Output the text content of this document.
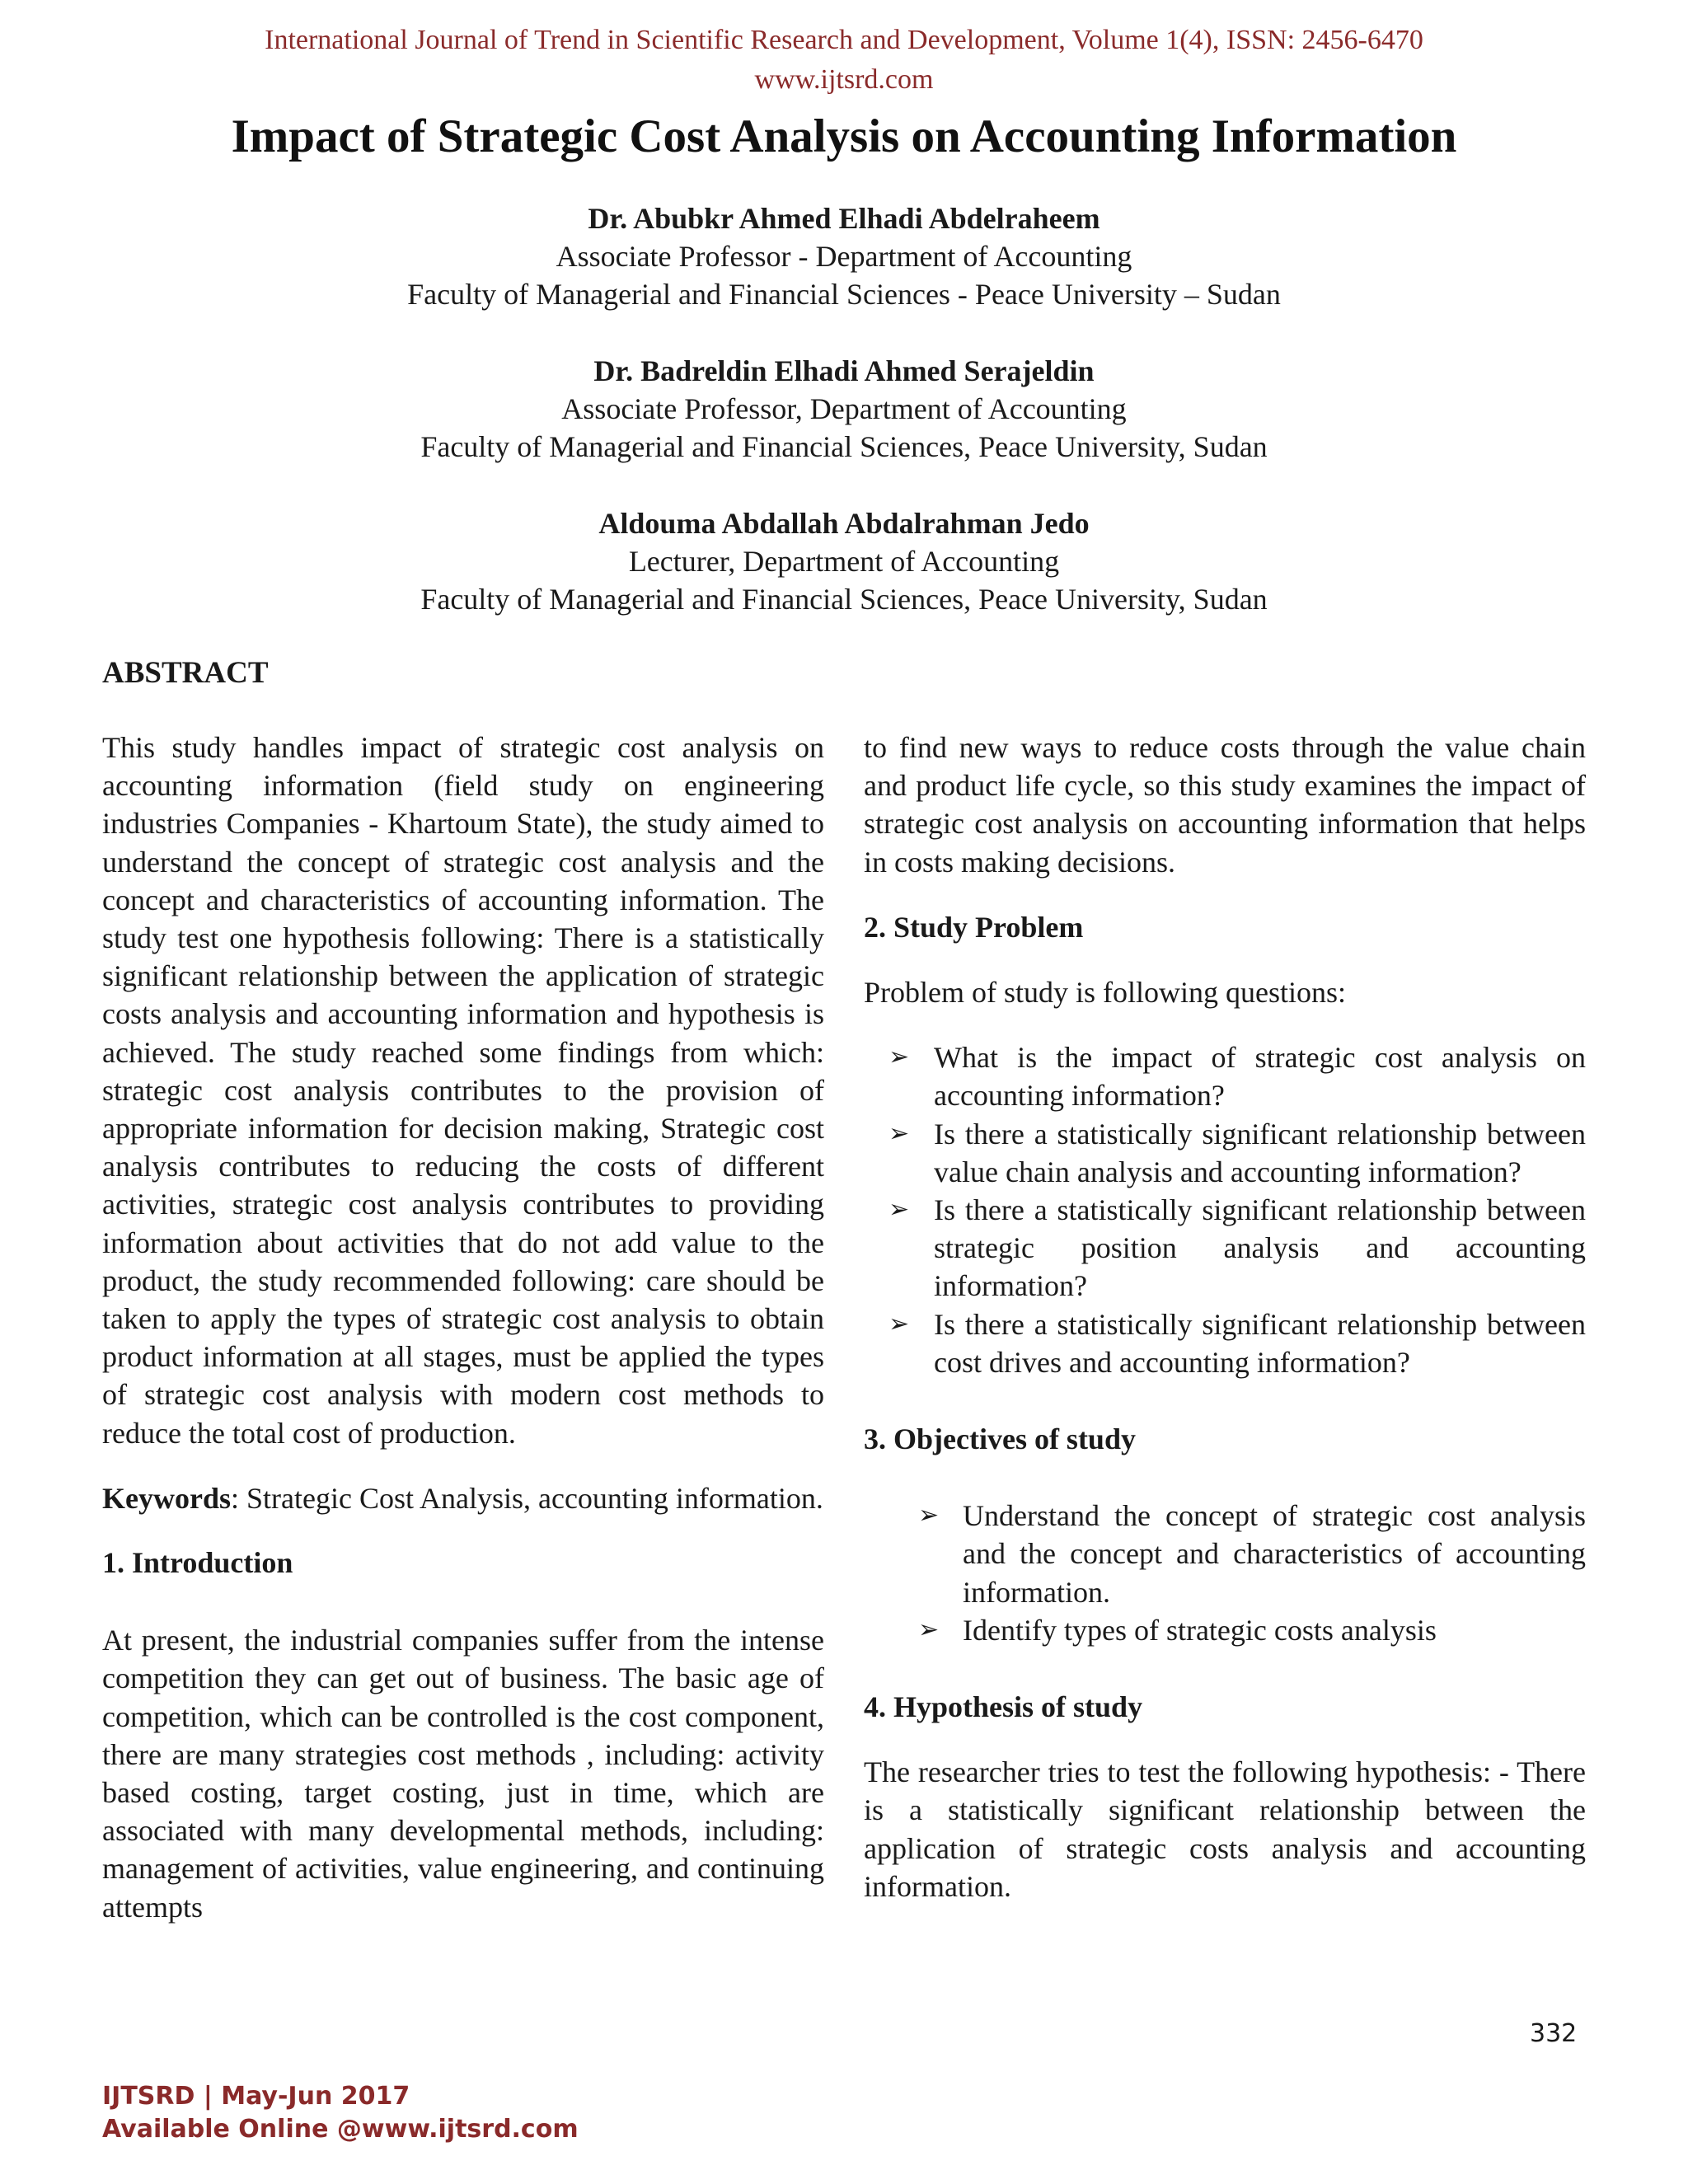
International Journal of Trend in Scientific Research and Development, Volume 1(4), ISSN: 2456-6470
www.ijtsrd.com
Impact of Strategic Cost Analysis on Accounting Information
Dr. Abubkr Ahmed Elhadi Abdelraheem
Associate Professor - Department of Accounting
Faculty of Managerial and Financial Sciences - Peace University – Sudan
Dr. Badreldin Elhadi Ahmed Serajeldin
Associate Professor, Department of Accounting
Faculty of Managerial and Financial Sciences, Peace University, Sudan
Aldouma Abdallah Abdalrahman Jedo
Lecturer, Department of Accounting
Faculty of Managerial and Financial Sciences, Peace University, Sudan
ABSTRACT

This study handles impact of strategic cost analysis on accounting information (field study on engineering industries Companies - Khartoum State), the study aimed to understand the concept of strategic cost analysis and the concept and characteristics of accounting information. The study test one hypothesis following: There is a statistically significant relationship between the application of strategic costs analysis and accounting information and hypothesis is achieved. The study reached some findings from which: strategic cost analysis contributes to the provision of appropriate information for decision making, Strategic cost analysis contributes to reducing the costs of different activities, strategic cost analysis contributes to providing information about activities that do not add value to the product, the study recommended following: care should be taken to apply the types of strategic cost analysis to obtain product information at all stages, must be applied the types of strategic cost analysis with modern cost methods to reduce the total cost of production.

Keywords: Strategic Cost Analysis, accounting information.

1. Introduction

At present, the industrial companies suffer from the intense competition they can get out of business. The basic age of competition, which can be controlled is the cost component, there are many strategies cost methods , including: activity based costing, target costing, just in time, which are associated with many developmental methods, including: management of activities, value engineering, and continuing attempts

to find new ways to reduce costs through the value chain and product life cycle, so this study examines the impact of strategic cost analysis on accounting information that helps in costs making decisions.

2. Study Problem

Problem of study is following questions:

➢ What is the impact of strategic cost analysis on accounting information?
➢ Is there a statistically significant relationship between value chain analysis and accounting information?
➢ Is there a statistically significant relationship between strategic position analysis and accounting information?
➢ Is there a statistically significant relationship between cost drives and accounting information?

3. Objectives of study

➢ Understand the concept of strategic cost analysis and the concept and characteristics of accounting information.
➢ Identify types of strategic costs analysis

4. Hypothesis of study

The researcher tries to test the following hypothesis: - There is a statistically significant relationship between the application of strategic costs analysis and accounting information.

332
IJTSRD | May-Jun 2017
Available Online @www.ijtsrd.com
